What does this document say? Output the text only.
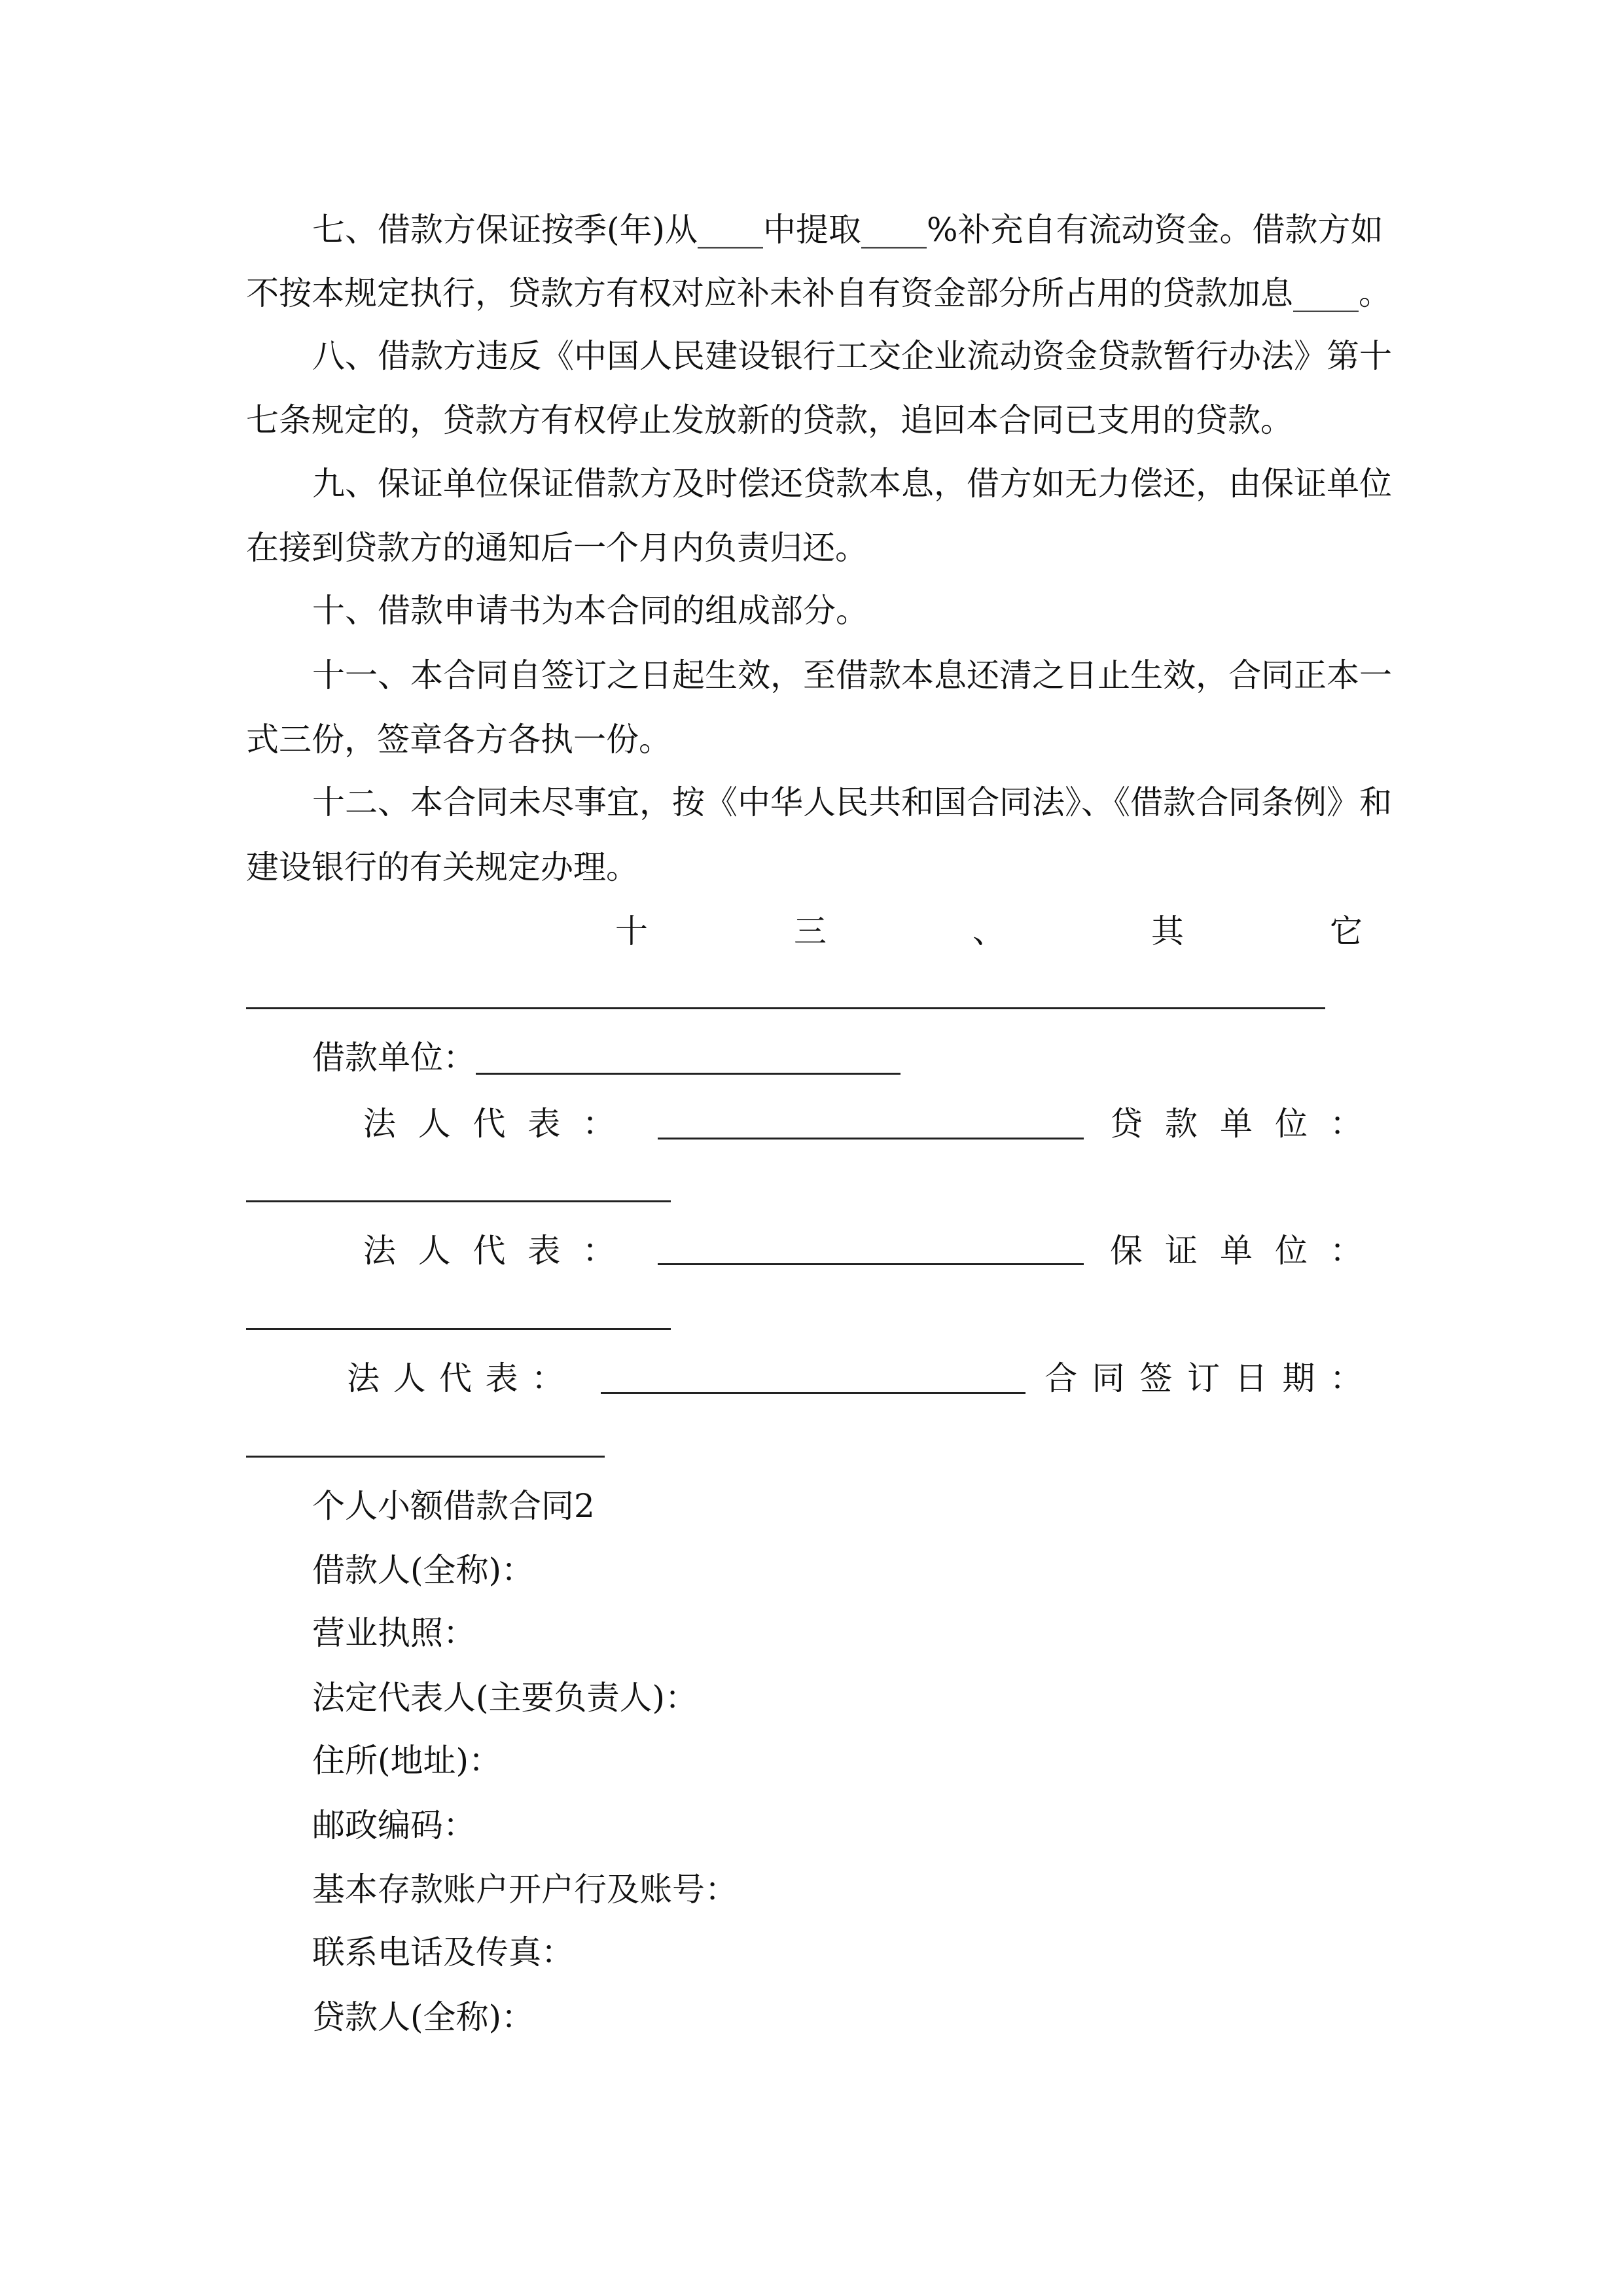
七、借款方保证按季(年)从____中提取____%补充自有流动资金。借款方如
不按本规定执行，贷款方有权对应补未补自有资金部分所占用的贷款加息____。
八、借款方违反《中国人民建设银行工交企业流动资金贷款暂行办法》第十
七条规定的，贷款方有权停止发放新的贷款，追回本合同已支用的贷款。
九、保证单位保证借款方及时偿还贷款本息，借方如无力偿还，由保证单位
在接到贷款方的通知后一个月内负责归还。
十、借款申请书为本合同的组成部分。
十一、本合同自签订之日起生效，至借款本息还清之日止生效，合同正本一
式三份，签章各方各执一份。
十二、本合同未尽事宜，按《中华人民共和国合同法》、《借款合同条例》和
建设银行的有关规定办理。
十三、其它
借款单位：
法人代表：	贷款单位：
法人代表：	保证单位：
法人代表：	合同签订日期：
个人小额借款合同2
借款人(全称)：
营业执照：
法定代表人(主要负责人)：
住所(地址)：
邮政编码：
基本存款账户开户行及账号：
联系电话及传真：
贷款人(全称)：
